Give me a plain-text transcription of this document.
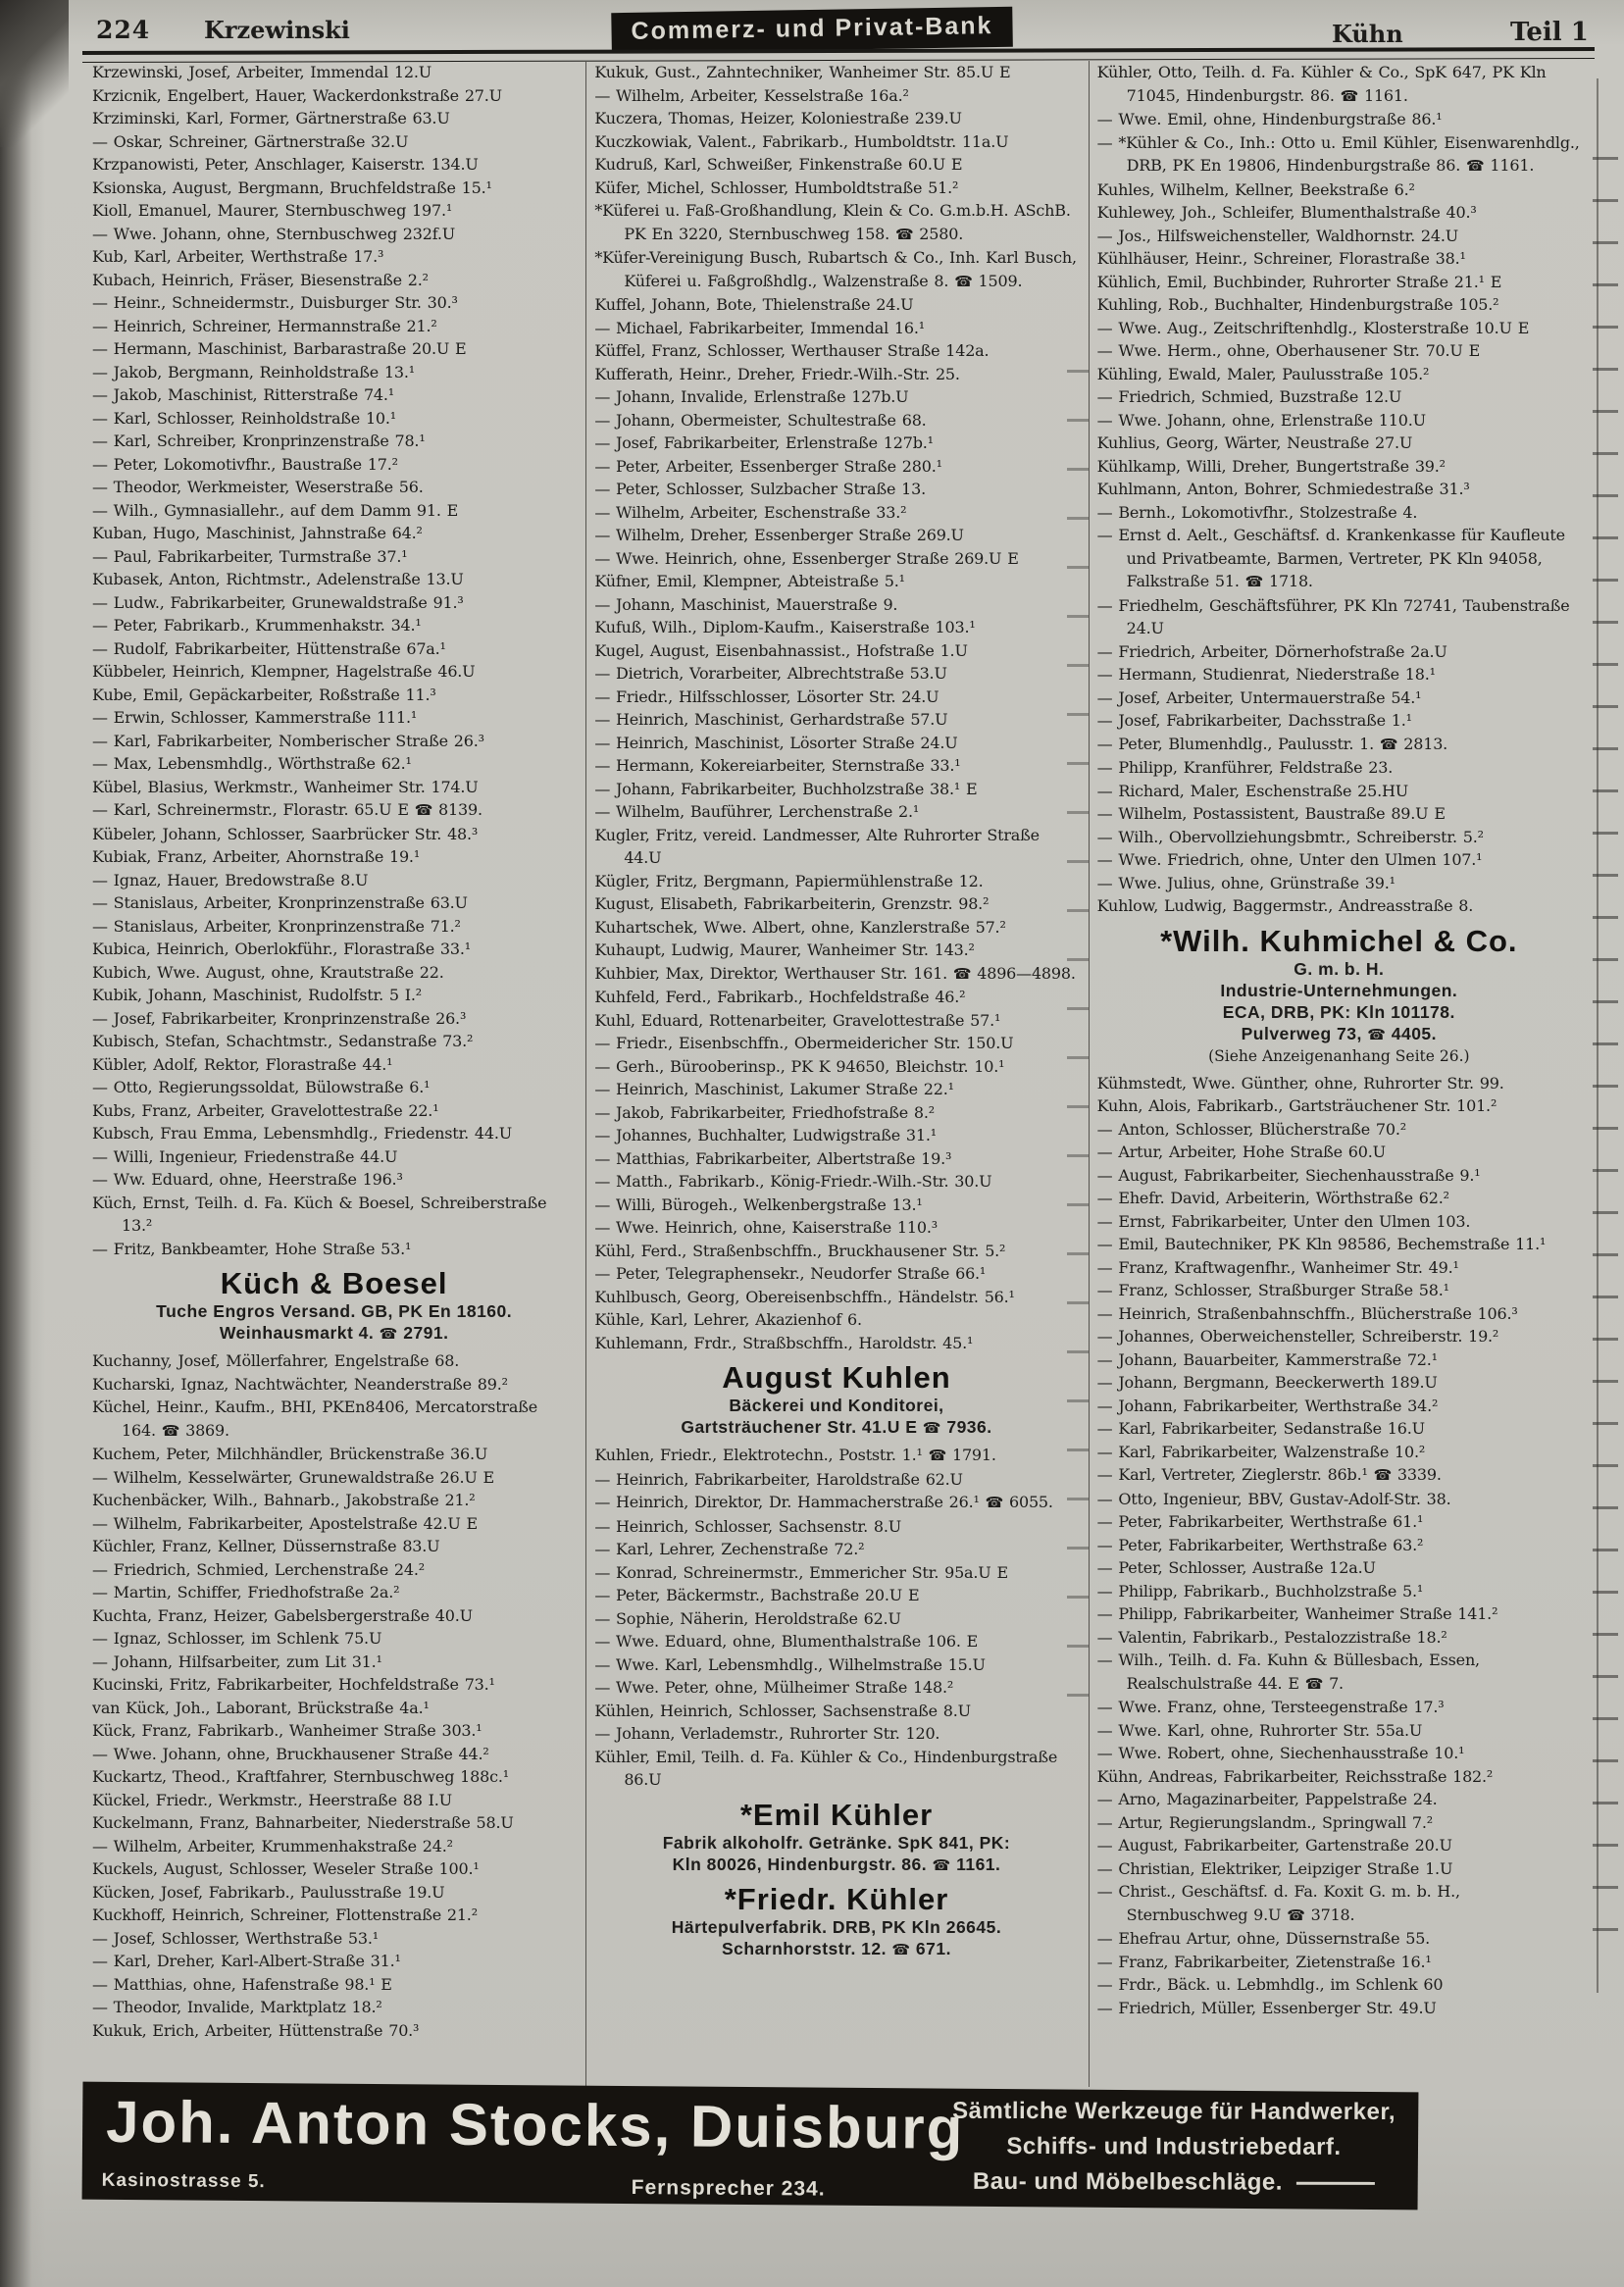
224 Krzewinski	Commerz- und Privat-Bank	Kühn	Teil 1
Krzewinski, Josef, Arbeiter, Immendal 12.U
Krzicnik, Engelbert, Hauer, Wackerdonkstraße 27.U
Krziminski, Karl, Former, Gärtnerstraße 63.U
— Oskar, Schreiner, Gärtnerstraße 32.U
Krzpanowisti, Peter, Anschlager, Kaiserstr. 134.U
Ksionska, August, Bergmann, Bruchfeldstraße 15.¹
Kioll, Emanuel, Maurer, Sternbuschweg 197.¹
— Wwe. Johann, ohne, Sternbuschweg 232f.U
Kub, Karl, Arbeiter, Werthstraße 17.³
Kubach, Heinrich, Fräser, Biesenstraße 2.²
— Heinr., Schneidermstr., Duisburger Str. 30.³
— Heinrich, Schreiner, Hermannstraße 21.²
— Hermann, Maschinist, Barbarastraße 20.U E
— Jakob, Bergmann, Reinholdstraße 13.¹
— Jakob, Maschinist, Ritterstraße 74.¹
— Karl, Schlosser, Reinholdstraße 10.¹
— Karl, Schreiber, Kronprinzenstraße 78.¹
— Peter, Lokomotivfhr., Baustraße 17.²
— Theodor, Werkmeister, Weserstraße 56.
— Wilh., Gymnasiallehr., auf dem Damm 91. E
Kuban, Hugo, Maschinist, Jahnstraße 64.²
— Paul, Fabrikarbeiter, Turmstraße 37.¹
Kubasek, Anton, Richtmstr., Adelenstraße 13.U
— Ludw., Fabrikarbeiter, Grunewaldstraße 91.³
— Peter, Fabrikarb., Krummenhakstr. 34.¹
— Rudolf, Fabrikarbeiter, Hüttenstraße 67a.¹
Kübbeler, Heinrich, Klempner, Hagelstraße 46.U
Kube, Emil, Gepäckarbeiter, Roßstraße 11.³
— Erwin, Schlosser, Kammerstraße 111.¹
— Karl, Fabrikarbeiter, Nomberischer Straße 26.³
— Max, Lebensmhdlg., Wörthstraße 62.¹
Kübel, Blasius, Werkmstr., Wanheimer Str. 174.U
— Karl, Schreinermstr., Florastr. 65.U E ☎ 8139.
Kübeler, Johann, Schlosser, Saarbrücker Str. 48.³
Kubiak, Franz, Arbeiter, Ahornstraße 19.¹
— Ignaz, Hauer, Bredowstraße 8.U
— Stanislaus, Arbeiter, Kronprinzenstraße 63.U
— Stanislaus, Arbeiter, Kronprinzenstraße 71.²
Kubica, Heinrich, Oberlokführ., Florastraße 33.¹
Kubich, Wwe. August, ohne, Krautstraße 22.
Kubik, Johann, Maschinist, Rudolfstr. 5 I.²
— Josef, Fabrikarbeiter, Kronprinzenstraße 26.³
Kubisch, Stefan, Schachtmstr., Sedanstraße 73.²
Kübler, Adolf, Rektor, Florastraße 44.¹
— Otto, Regierungssoldat, Bülowstraße 6.¹
Kubs, Franz, Arbeiter, Gravelottestraße 22.¹
Kubsch, Frau Emma, Lebensmhdlg., Friedenstr. 44.U
— Willi, Ingenieur, Friedenstraße 44.U
— Ww. Eduard, ohne, Heerstraße 196.³
Küch, Ernst, Teilh. d. Fa. Küch & Boesel, Schreiberstraße 13.²
— Fritz, Bankbeamter, Hohe Straße 53.¹
Küch & Boesel
Tuche Engros Versand. GB, PK En 18160.
Weinhausmarkt 4. ☎ 2791.
Kuchanny, Josef, Möllerfahrer, Engelstraße 68.
Kucharski, Ignaz, Nachtwächter, Neanderstraße 89.²
Küchel, Heinr., Kaufm., BHI, PKEn8406, Mercatorstraße 164. ☎ 3869.
Kuchem, Peter, Milchhändler, Brückenstraße 36.U
— Wilhelm, Kesselwärter, Grunewaldstraße 26.U E
Kuchenbäcker, Wilh., Bahnarb., Jakobstraße 21.²
— Wilhelm, Fabrikarbeiter, Apostelstraße 42.U E
Küchler, Franz, Kellner, Düssernstraße 83.U
— Friedrich, Schmied, Lerchenstraße 24.²
— Martin, Schiffer, Friedhofstraße 2a.²
Kuchta, Franz, Heizer, Gabelsbergerstraße 40.U
— Ignaz, Schlosser, im Schlenk 75.U
— Johann, Hilfsarbeiter, zum Lit 31.¹
Kucinski, Fritz, Fabrikarbeiter, Hochfeldstraße 73.¹
van Kück, Joh., Laborant, Brückstraße 4a.¹
Kück, Franz, Fabrikarb., Wanheimer Straße 303.¹
— Wwe. Johann, ohne, Bruckhausener Straße 44.²
Kuckartz, Theod., Kraftfahrer, Sternbuschweg 188c.¹
Kückel, Friedr., Werkmstr., Heerstraße 88 I.U
Kuckelmann, Franz, Bahnarbeiter, Niederstraße 58.U
— Wilhelm, Arbeiter, Krummenhakstraße 24.²
Kuckels, August, Schlosser, Weseler Straße 100.¹
Kücken, Josef, Fabrikarb., Paulusstraße 19.U
Kuckhoff, Heinrich, Schreiner, Flottenstraße 21.²
— Josef, Schlosser, Werthstraße 53.¹
— Karl, Dreher, Karl-Albert-Straße 31.¹
— Matthias, ohne, Hafenstraße 98.¹ E
— Theodor, Invalide, Marktplatz 18.²
Kukuk, Erich, Arbeiter, Hüttenstraße 70.³
Kukuk, Gust., Zahntechniker, Wanheimer Str. 85.U E
— Wilhelm, Arbeiter, Kesselstraße 16a.²
Kuczera, Thomas, Heizer, Koloniestraße 239.U
Kuczkowiak, Valent., Fabrikarb., Humboldtstr. 11a.U
Kudruß, Karl, Schweißer, Finkenstraße 60.U E
Küfer, Michel, Schlosser, Humboldtstraße 51.²
*Küferei u. Faß-Großhandlung, Klein & Co. G.m.b.H. ASchB. PK En 3220, Sternbuschweg 158. ☎ 2580.
*Küfer-Vereinigung Busch, Rubartsch & Co., Inh. Karl Busch, Küferei u. Faßgroßhdlg., Walzenstraße 8. ☎ 1509.
Kuffel, Johann, Bote, Thielenstraße 24.U
— Michael, Fabrikarbeiter, Immendal 16.¹
Küffel, Franz, Schlosser, Werthauser Straße 142a.
Kufferath, Heinr., Dreher, Friedr.-Wilh.-Str. 25.
— Johann, Invalide, Erlenstraße 127b.U
— Johann, Obermeister, Schultestraße 68.
— Josef, Fabrikarbeiter, Erlenstraße 127b.¹
— Peter, Arbeiter, Essenberger Straße 280.¹
— Peter, Schlosser, Sulzbacher Straße 13.
— Wilhelm, Arbeiter, Eschenstraße 33.²
— Wilhelm, Dreher, Essenberger Straße 269.U
— Wwe. Heinrich, ohne, Essenberger Straße 269.U E
Küfner, Emil, Klempner, Abteistraße 5.¹
— Johann, Maschinist, Mauerstraße 9.
Kufuß, Wilh., Diplom-Kaufm., Kaiserstraße 103.¹
Kugel, August, Eisenbahnassist., Hofstraße 1.U
— Dietrich, Vorarbeiter, Albrechtstraße 53.U
— Friedr., Hilfsschlosser, Lösorter Str. 24.U
— Heinrich, Maschinist, Gerhardstraße 57.U
— Heinrich, Maschinist, Lösorter Straße 24.U
— Hermann, Kokereiarbeiter, Sternstraße 33.¹
— Johann, Fabrikarbeiter, Buchholzstraße 38.¹ E
— Wilhelm, Bauführer, Lerchenstraße 2.¹
Kugler, Fritz, vereid. Landmesser, Alte Ruhrorter Straße 44.U
Kügler, Fritz, Bergmann, Papiermühlenstraße 12.
Kugust, Elisabeth, Fabrikarbeiterin, Grenzstr. 98.²
Kuhartschek, Wwe. Albert, ohne, Kanzlerstraße 57.²
Kuhaupt, Ludwig, Maurer, Wanheimer Str. 143.²
Kuhbier, Max, Direktor, Werthauser Str. 161. ☎ 4896—4898.
Kuhfeld, Ferd., Fabrikarb., Hochfeldstraße 46.²
Kuhl, Eduard, Rottenarbeiter, Gravelottestraße 57.¹
— Friedr., Eisenbschffn., Obermeidericher Str. 150.U
— Gerh., Bürooberinsp., PK K 94650, Bleichstr. 10.¹
— Heinrich, Maschinist, Lakumer Straße 22.¹
— Jakob, Fabrikarbeiter, Friedhofstraße 8.²
— Johannes, Buchhalter, Ludwigstraße 31.¹
— Matthias, Fabrikarbeiter, Albertstraße 19.³
— Matth., Fabrikarb., König-Friedr.-Wilh.-Str. 30.U
— Willi, Bürogeh., Welkenbergstraße 13.¹
— Wwe. Heinrich, ohne, Kaiserstraße 110.³
Kühl, Ferd., Straßenbschffn., Bruckhausener Str. 5.²
— Peter, Telegraphensekr., Neudorfer Straße 66.¹
Kuhlbusch, Georg, Obereisenbschffn., Händelstr. 56.¹
Kühle, Karl, Lehrer, Akazienhof 6.
Kuhlemann, Frdr., Straßbschffn., Haroldstr. 45.¹
August Kuhlen
Bäckerei und Konditorei,
Gartsträuchener Str. 41.U E ☎ 7936.
Kuhlen, Friedr., Elektrotechn., Poststr. 1.¹ ☎ 1791.
— Heinrich, Fabrikarbeiter, Haroldstraße 62.U
— Heinrich, Direktor, Dr. Hammacherstraße 26.¹ ☎ 6055.
— Heinrich, Schlosser, Sachsenstr. 8.U
— Karl, Lehrer, Zechenstraße 72.²
— Konrad, Schreinermstr., Emmericher Str. 95a.U E
— Peter, Bäckermstr., Bachstraße 20.U E
— Sophie, Näherin, Heroldstraße 62.U
— Wwe. Eduard, ohne, Blumenthalstraße 106. E
— Wwe. Karl, Lebensmhdlg., Wilhelmstraße 15.U
— Wwe. Peter, ohne, Mülheimer Straße 148.²
Kühlen, Heinrich, Schlosser, Sachsenstraße 8.U
— Johann, Verlademstr., Ruhrorter Str. 120.
Kühler, Emil, Teilh. d. Fa. Kühler & Co., Hindenburgstraße 86.U
*Emil Kühler
Fabrik alkoholfr. Getränke. SpK 841, PK:
Kln 80026, Hindenburgstr. 86. ☎ 1161.
*Friedr. Kühler
Härtepulverfabrik. DRB, PK Kln 26645.
Scharnhorststr. 12. ☎ 671.
Kühler, Otto, Teilh. d. Fa. Kühler & Co., SpK 647, PK Kln 71045, Hindenburgstr. 86. ☎ 1161.
— Wwe. Emil, ohne, Hindenburgstraße 86.¹
— *Kühler & Co., Inh.: Otto u. Emil Kühler, Eisenwarenhdlg., DRB, PK En 19806, Hindenburgstraße 86. ☎ 1161.
Kuhles, Wilhelm, Kellner, Beekstraße 6.²
Kuhlewey, Joh., Schleifer, Blumenthalstraße 40.³
— Jos., Hilfsweichensteller, Waldhornstr. 24.U
Kühlhäuser, Heinr., Schreiner, Florastraße 38.¹
Kühlich, Emil, Buchbinder, Ruhrorter Straße 21.¹ E
Kuhling, Rob., Buchhalter, Hindenburgstraße 105.²
— Wwe. Aug., Zeitschriftenhdlg., Klosterstraße 10.U E
— Wwe. Herm., ohne, Oberhausener Str. 70.U E
Kühling, Ewald, Maler, Paulusstraße 105.²
— Friedrich, Schmied, Buzstraße 12.U
— Wwe. Johann, ohne, Erlenstraße 110.U
Kuhlius, Georg, Wärter, Neustraße 27.U
Kühlkamp, Willi, Dreher, Bungertstraße 39.²
Kuhlmann, Anton, Bohrer, Schmiedestraße 31.³
— Bernh., Lokomotivfhr., Stolzestraße 4.
— Ernst d. Aelt., Geschäftsf. d. Krankenkasse für Kaufleute und Privatbeamte, Barmen, Vertreter, PK Kln 94058, Falkstraße 51. ☎ 1718.
— Friedhelm, Geschäftsführer, PK Kln 72741, Taubenstraße 24.U
— Friedrich, Arbeiter, Dörnerhofstraße 2a.U
— Hermann, Studienrat, Niederstraße 18.¹
— Josef, Arbeiter, Untermauerstraße 54.¹
— Josef, Fabrikarbeiter, Dachsstraße 1.¹
— Peter, Blumenhdlg., Paulusstr. 1. ☎ 2813.
— Philipp, Kranführer, Feldstraße 23.
— Richard, Maler, Eschenstraße 25.HU
— Wilhelm, Postassistent, Baustraße 89.U E
— Wilh., Obervollziehungsbmtr., Schreiberstr. 5.²
— Wwe. Friedrich, ohne, Unter den Ulmen 107.¹
— Wwe. Julius, ohne, Grünstraße 39.¹
Kuhlow, Ludwig, Baggermstr., Andreasstraße 8.
*Wilh. Kuhmichel & Co.
G. m. b. H.
Industrie-Unternehmungen.
ECA, DRB, PK: Kln 101178.
Pulverweg 73, ☎ 4405.
(Siehe Anzeigenanhang Seite 26.)
Kühmstedt, Wwe. Günther, ohne, Ruhrorter Str. 99.
Kuhn, Alois, Fabrikarb., Gartsträuchener Str. 101.²
— Anton, Schlosser, Blücherstraße 70.²
— Artur, Arbeiter, Hohe Straße 60.U
— August, Fabrikarbeiter, Siechenhausstraße 9.¹
— Ehefr. David, Arbeiterin, Wörthstraße 62.²
— Ernst, Fabrikarbeiter, Unter den Ulmen 103.
— Emil, Bautechniker, PK Kln 98586, Bechemstraße 11.¹
— Franz, Kraftwagenfhr., Wanheimer Str. 49.¹
— Franz, Schlosser, Straßburger Straße 58.¹
— Heinrich, Straßenbahnschffn., Blücherstraße 106.³
— Johannes, Oberweichensteller, Schreiberstr. 19.²
— Johann, Bauarbeiter, Kammerstraße 72.¹
— Johann, Bergmann, Beeckerwerth 189.U
— Johann, Fabrikarbeiter, Werthstraße 34.²
— Karl, Fabrikarbeiter, Sedanstraße 16.U
— Karl, Fabrikarbeiter, Walzenstraße 10.²
— Karl, Vertreter, Zieglerstr. 86b.¹ ☎ 3339.
— Otto, Ingenieur, BBV, Gustav-Adolf-Str. 38.
— Peter, Fabrikarbeiter, Werthstraße 61.¹
— Peter, Fabrikarbeiter, Werthstraße 63.²
— Peter, Schlosser, Austraße 12a.U
— Philipp, Fabrikarb., Buchholzstraße 5.¹
— Philipp, Fabrikarbeiter, Wanheimer Straße 141.²
— Valentin, Fabrikarb., Pestalozzistraße 18.²
— Wilh., Teilh. d. Fa. Kuhn & Büllesbach, Essen, Realschulstraße 44. E ☎ 7.
— Wwe. Franz, ohne, Tersteegenstraße 17.³
— Wwe. Karl, ohne, Ruhrorter Str. 55a.U
— Wwe. Robert, ohne, Siechenhausstraße 10.¹
Kühn, Andreas, Fabrikarbeiter, Reichsstraße 182.²
— Arno, Magazinarbeiter, Pappelstraße 24.
— Artur, Regierungslandm., Springwall 7.²
— August, Fabrikarbeiter, Gartenstraße 20.U
— Christian, Elektriker, Leipziger Straße 1.U
— Christ., Geschäftsf. d. Fa. Koxit G. m. b. H., Sternbuschweg 9.U ☎ 3718.
— Ehefrau Artur, ohne, Düssernstraße 55.
— Franz, Fabrikarbeiter, Zietenstraße 16.¹
— Frdr., Bäck. u. Lebmhdlg., im Schlenk 60
— Friedrich, Müller, Essenberger Str. 49.U
Joh. Anton Stocks, Duisburg
Kasinostrasse 5.	Fernsprecher 234.
Sämtliche Werkzeuge für Handwerker,
Schiffs- und Industriebedarf.
Bau- und Möbelbeschläge.
